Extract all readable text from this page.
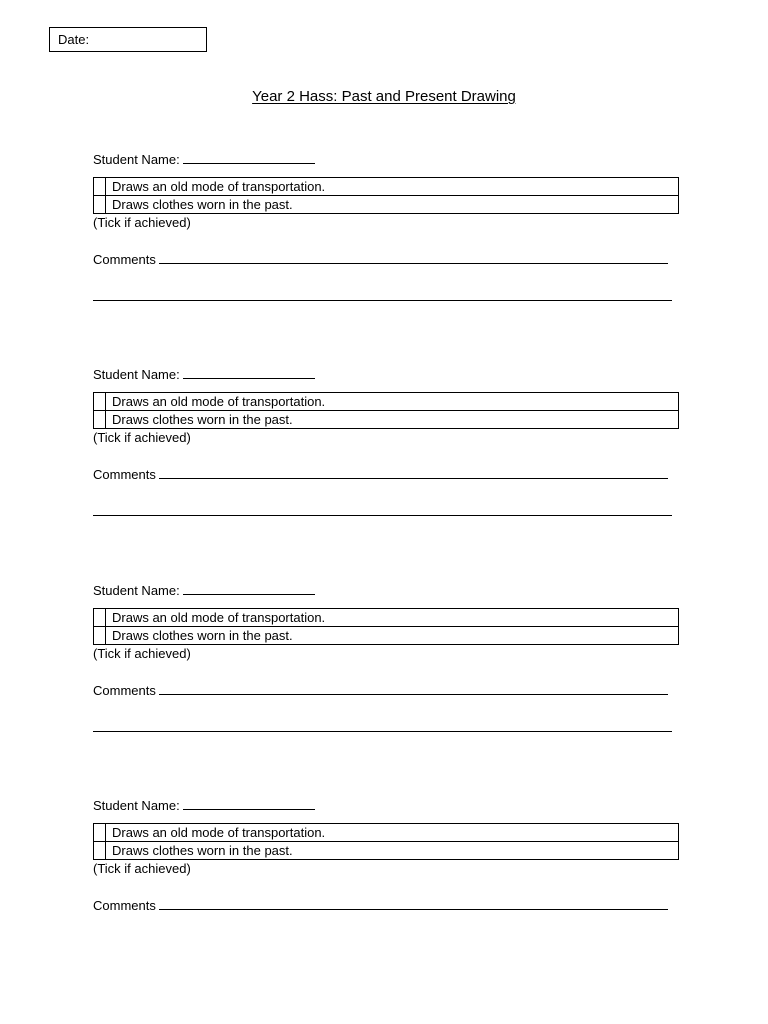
Date:
Year 2 Hass: Past and Present Drawing
Student Name:
	Draws an old mode of transportation.
	Draws clothes worn in the past.
(Tick if achieved)
Comments
Student Name:
	Draws an old mode of transportation.
	Draws clothes worn in the past.
(Tick if achieved)
Comments
Student Name:
	Draws an old mode of transportation.
	Draws clothes worn in the past.
(Tick if achieved)
Comments
Student Name:
	Draws an old mode of transportation.
	Draws clothes worn in the past.
(Tick if achieved)
Comments
